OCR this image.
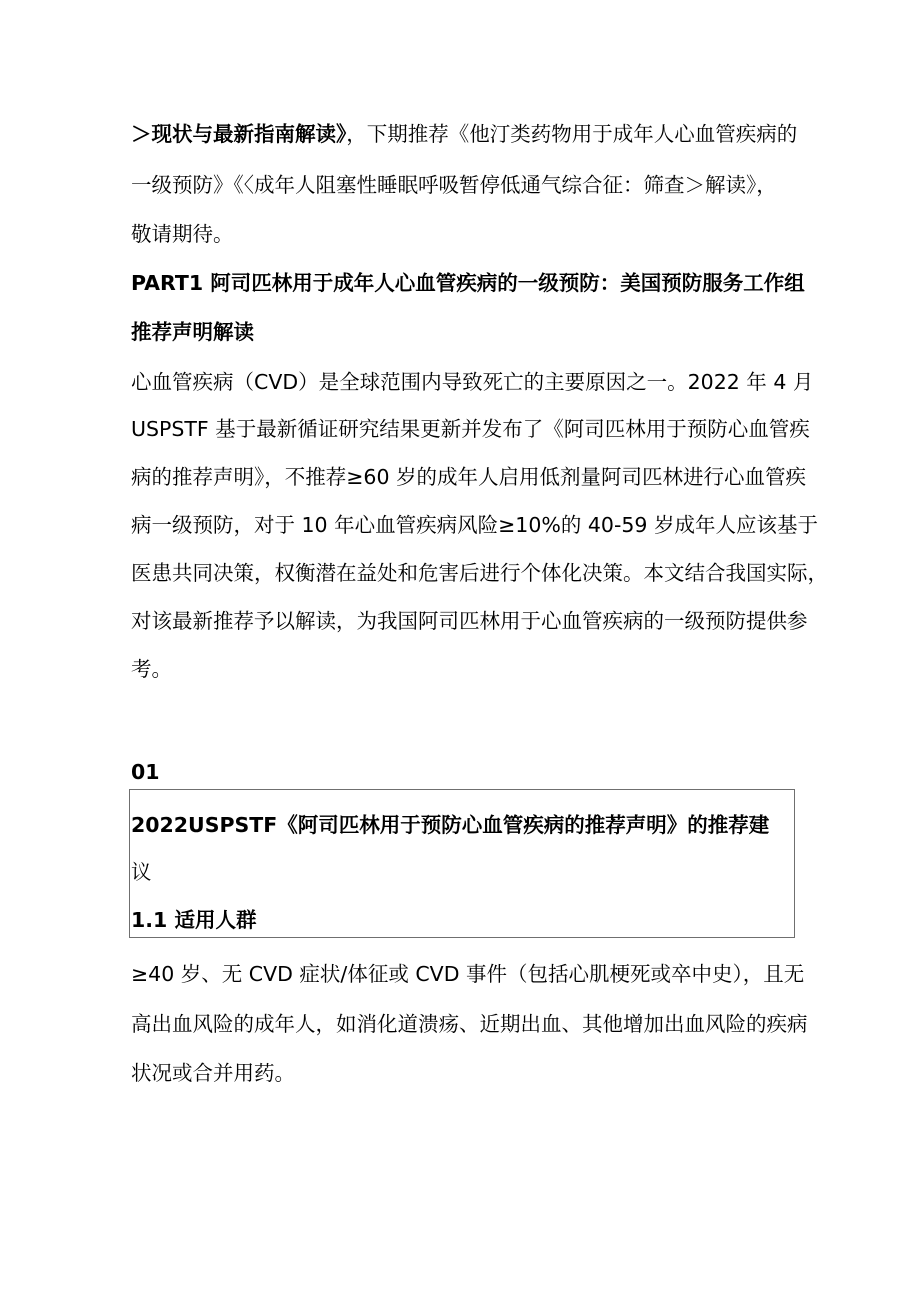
＞现状与最新指南解读》，下期推荐《他汀类药物用于成年人心血管疾病的
一级预防》《〈成年人阻塞性睡眠呼吸暂停低通气综合征：筛查＞解读》，
敬请期待。
PART1 阿司匹林用于成年人心血管疾病的一级预防：美国预防服务工作组
推荐声明解读
心血管疾病（CVD）是全球范围内导致死亡的主要原因之一。2022 年 4 月
USPSTF 基于最新循证研究结果更新并发布了《阿司匹林用于预防心血管疾
病的推荐声明》，不推荐≥60 岁的成年人启用低剂量阿司匹林进行心血管疾
病一级预防，对于 10 年心血管疾病风险≥10%的 40-59 岁成年人应该基于
医患共同决策，权衡潜在益处和危害后进行个体化决策。本文结合我国实际，
对该最新推荐予以解读，为我国阿司匹林用于心血管疾病的一级预防提供参
考。
01
2022USPSTF《阿司匹林用于预防心血管疾病的推荐声明》的推荐建
议
1.1 适用人群
≥40 岁、无 CVD 症状/体征或 CVD 事件（包括心肌梗死或卒中史），且无
高出血风险的成年人，如消化道溃疡、近期出血、其他增加出血风险的疾病
状况或合并用药。
